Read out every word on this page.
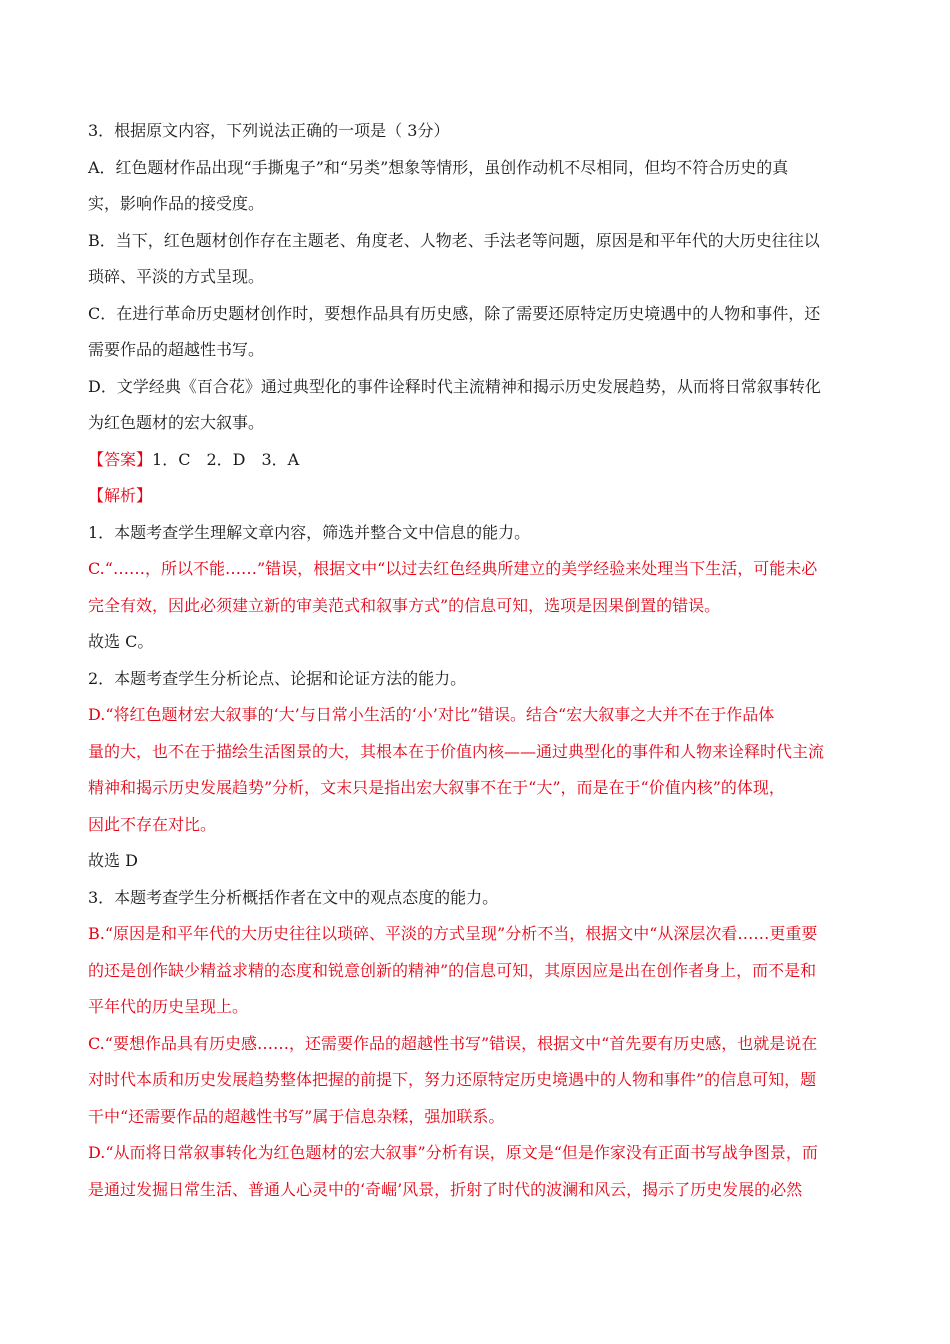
3．根据原文内容，下列说法正确的一项是（ 3分）
A．红色题材作品出现“手撕鬼子”和“另类”想象等情形，虽创作动机不尽相同，但均不符合历史的真
实，影响作品的接受度。
B．当下，红色题材创作存在主题老、角度老、人物老、手法老等问题，原因是和平年代的大历史往往以
琐碎、平淡的方式呈现。
C．在进行革命历史题材创作时，要想作品具有历史感，除了需要还原特定历史境遇中的人物和事件，还
需要作品的超越性书写。
D．文学经典《百合花》通过典型化的事件诠释时代主流精神和揭示历史发展趋势，从而将日常叙事转化
为红色题材的宏大叙事。
【答案】1．C　2．D　3．A
【解析】
1．本题考查学生理解文章内容，筛选并整合文中信息的能力。
C.“……，所以不能……”错误，根据文中“以过去红色经典所建立的美学经验来处理当下生活，可能未必
完全有效，因此必须建立新的审美范式和叙事方式”的信息可知，选项是因果倒置的错误。
故选 C。
2．本题考查学生分析论点、论据和论证方法的能力。
D.“将红色题材宏大叙事的‘大’与日常小生活的‘小’对比”错误。结合“宏大叙事之大并不在于作品体
量的大，也不在于描绘生活图景的大，其根本在于价值内核——通过典型化的事件和人物来诠释时代主流
精神和揭示历史发展趋势”分析，文末只是指出宏大叙事不在于“大”，而是在于“价值内核”的体现，
因此不存在对比。
故选 D
3．本题考查学生分析概括作者在文中的观点态度的能力。
B.“原因是和平年代的大历史往往以琐碎、平淡的方式呈现”分析不当，根据文中“从深层次看……更重要
的还是创作缺少精益求精的态度和锐意创新的精神”的信息可知，其原因应是出在创作者身上，而不是和
平年代的历史呈现上。
C.“要想作品具有历史感……，还需要作品的超越性书写”错误，根据文中“首先要有历史感，也就是说在
对时代本质和历史发展趋势整体把握的前提下，努力还原特定历史境遇中的人物和事件”的信息可知，题
干中“还需要作品的超越性书写”属于信息杂糅，强加联系。
D.“从而将日常叙事转化为红色题材的宏大叙事”分析有误，原文是“但是作家没有正面书写战争图景，而
是通过发掘日常生活、普通人心灵中的‘奇崛’风景，折射了时代的波澜和风云，揭示了历史发展的必然
